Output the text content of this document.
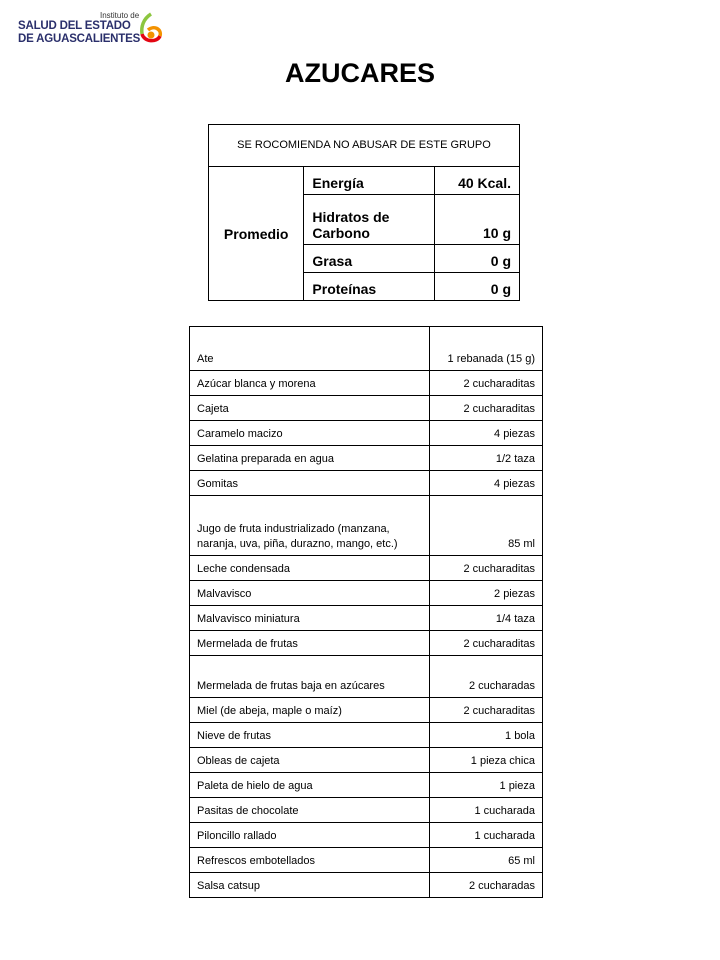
Instituto de
SALUD DEL ESTADO
DE AGUASCALIENTES
AZUCARES
SE ROCOMIENDA NO ABUSAR DE ESTE GRUPO		
Promedio	Energía	40 Kcal.
	Hidratos de Carbono	10 g
	Grasa	0 g
	Proteínas	0 g
Ate	1 rebanada (15 g)
Azúcar blanca y morena	2 cucharaditas
Cajeta	2 cucharaditas
Caramelo macizo	4 piezas
Gelatina preparada en agua	1/2 taza
Gomitas	4 piezas
Jugo de fruta industrializado (manzana, naranja, uva, piña, durazno, mango, etc.)	85 ml
Leche condensada	2 cucharaditas
Malvavisco	2 piezas
Malvavisco miniatura	1/4 taza
Mermelada de frutas	2 cucharaditas
Mermelada de frutas baja en azúcares	2 cucharadas
Miel (de abeja, maple o maíz)	2 cucharaditas
Nieve de frutas	1 bola
Obleas de cajeta	1 pieza chica
Paleta de hielo de agua	1 pieza
Pasitas de chocolate	1 cucharada
Piloncillo rallado	1 cucharada
Refrescos embotellados	65 ml
Salsa catsup	2 cucharadas
